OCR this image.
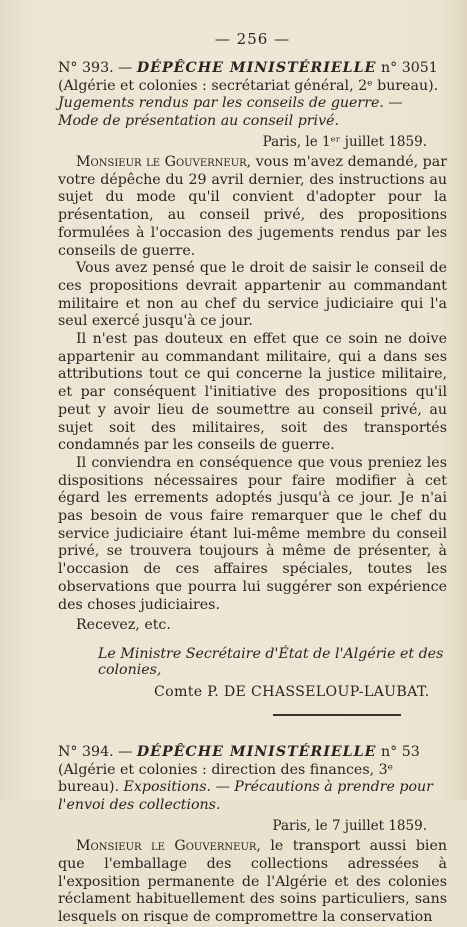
— 256 —

N° 393. — DÉPÊCHE MINISTÉRIELLE n° 3051 (Algérie et colonies : secrétariat général, 2ᵉ bureau). Jugements rendus par les conseils de guerre. — Mode de présentation au conseil privé.

Paris, le 1ᵉʳ juillet 1859.

Monsieur le Gouverneur, vous m'avez demandé, par votre dépêche du 29 avril dernier, des instructions au sujet du mode qu'il convient d'adopter pour la présentation, au conseil privé, des propositions formulées à l'occasion des jugements rendus par les conseils de guerre.

Vous avez pensé que le droit de saisir le conseil de ces propositions devrait appartenir au commandant militaire et non au chef du service judiciaire qui l'a seul exercé jusqu'à ce jour.

Il n'est pas douteux en effet que ce soin ne doive appartenir au commandant militaire, qui a dans ses attributions tout ce qui concerne la justice militaire, et par conséquent l'initiative des propositions qu'il peut y avoir lieu de soumettre au conseil privé, au sujet soit des militaires, soit des transportés condamnés par les conseils de guerre.

Il conviendra en conséquence que vous preniez les dispositions nécessaires pour faire modifier à cet égard les errements adoptés jusqu'à ce jour. Je n'ai pas besoin de vous faire remarquer que le chef du service judiciaire étant lui-même membre du conseil privé, se trouvera toujours à même de présenter, à l'occasion de ces affaires spéciales, toutes les observations que pourra lui suggérer son expérience des choses judiciaires.

Recevez, etc.

Le Ministre Secrétaire d'État de l'Algérie et des colonies,
Comte P. DE CHASSELOUP-LAUBAT.

N° 394. — DÉPÊCHE MINISTÉRIELLE n° 53 (Algérie et colonies : direction des finances, 3ᵉ bureau). Expositions. — Précautions à prendre pour l'envoi des collections.

Paris, le 7 juillet 1859.

Monsieur le Gouverneur, le transport aussi bien que l'emballage des collections adressées à l'exposition permanente de l'Algérie et des colonies réclament habituellement des soins particuliers, sans lesquels on risque de compromettre la conservation
